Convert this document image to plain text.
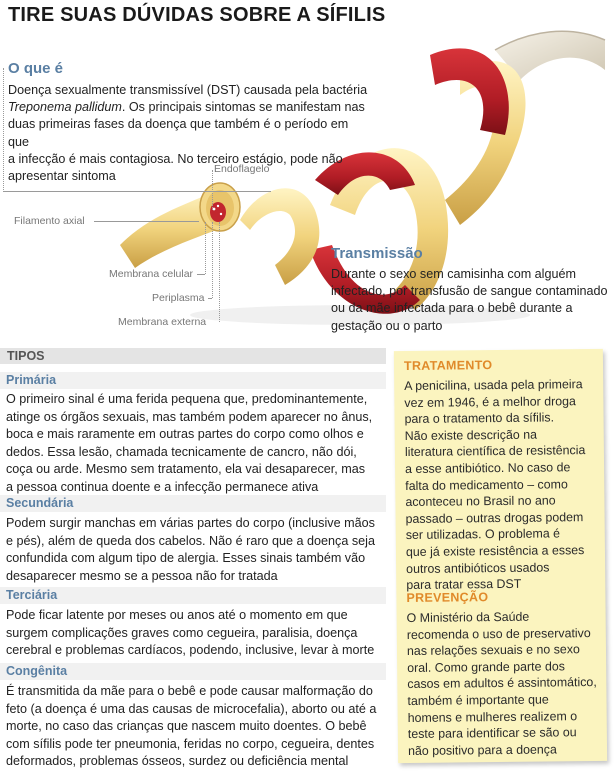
TIRE SUAS DÚVIDAS SOBRE A SÍFILIS
O que é
Doença sexualmente transmissível (DST) causada pela bactéria
Treponema pallidum. Os principais sintomas se manifestam nas
duas primeiras fases da doença que também é o período em que
a infecção é mais contagiosa. No terceiro estágio, pode não
apresentar sintoma
Endoflagelo
Filamento axial
Membrana celular
Periplasma
Membrana externa
Transmissão
Durante o sexo sem camisinha com alguém
infectado, por transfusão de sangue contaminado
ou da mãe infectada para o bebê durante a
gestação ou o parto
TIPOS
Primária
O primeiro sinal é uma ferida pequena que, predominantemente,
atinge os órgãos sexuais, mas também podem aparecer no ânus,
boca e mais raramente em outras partes do corpo como olhos e
dedos. Essa lesão, chamada tecnicamente de cancro, não dói,
coça ou arde. Mesmo sem tratamento, ela vai desaparecer, mas
a pessoa continua doente e a infecção permanece ativa
Secundária
Podem surgir manchas em várias partes do corpo (inclusive mãos
e pés), além de queda dos cabelos. Não é raro que a doença seja
confundida com algum tipo de alergia. Esses sinais também vão
desaparecer mesmo se a pessoa não for tratada
Terciária
Pode ficar latente por meses ou anos até o momento em que
surgem complicações graves como cegueira, paralisia, doença
cerebral e problemas cardíacos, podendo, inclusive, levar à morte
Congênita
É transmitida da mãe para o bebê e pode causar malformação do
feto (a doença é uma das causas de microcefalia), aborto ou até a
morte, no caso das crianças que nascem muito doentes. O bebê
com sífilis pode ter pneumonia, feridas no corpo, cegueira, dentes
deformados, problemas ósseos, surdez ou deficiência mental
TRATAMENTO
A penicilina, usada pela primeira
vez em 1946, é a melhor droga
para o tratamento da sífilis.
Não existe descrição na
literatura científica de resistência
a esse antibiótico. No caso de
falta do medicamento – como
aconteceu no Brasil no ano
passado – outras drogas podem
ser utilizadas. O problema é
que já existe resistência a esses
outros antibióticos usados
para tratar essa DST
PREVENÇÃO
O Ministério da Saúde
recomenda o uso de preservativo
nas relações sexuais e no sexo
oral. Como grande parte dos
casos em adultos é assintomático,
também é importante que
homens e mulheres realizem o
teste para identificar se são ou
não positivo para a doença
